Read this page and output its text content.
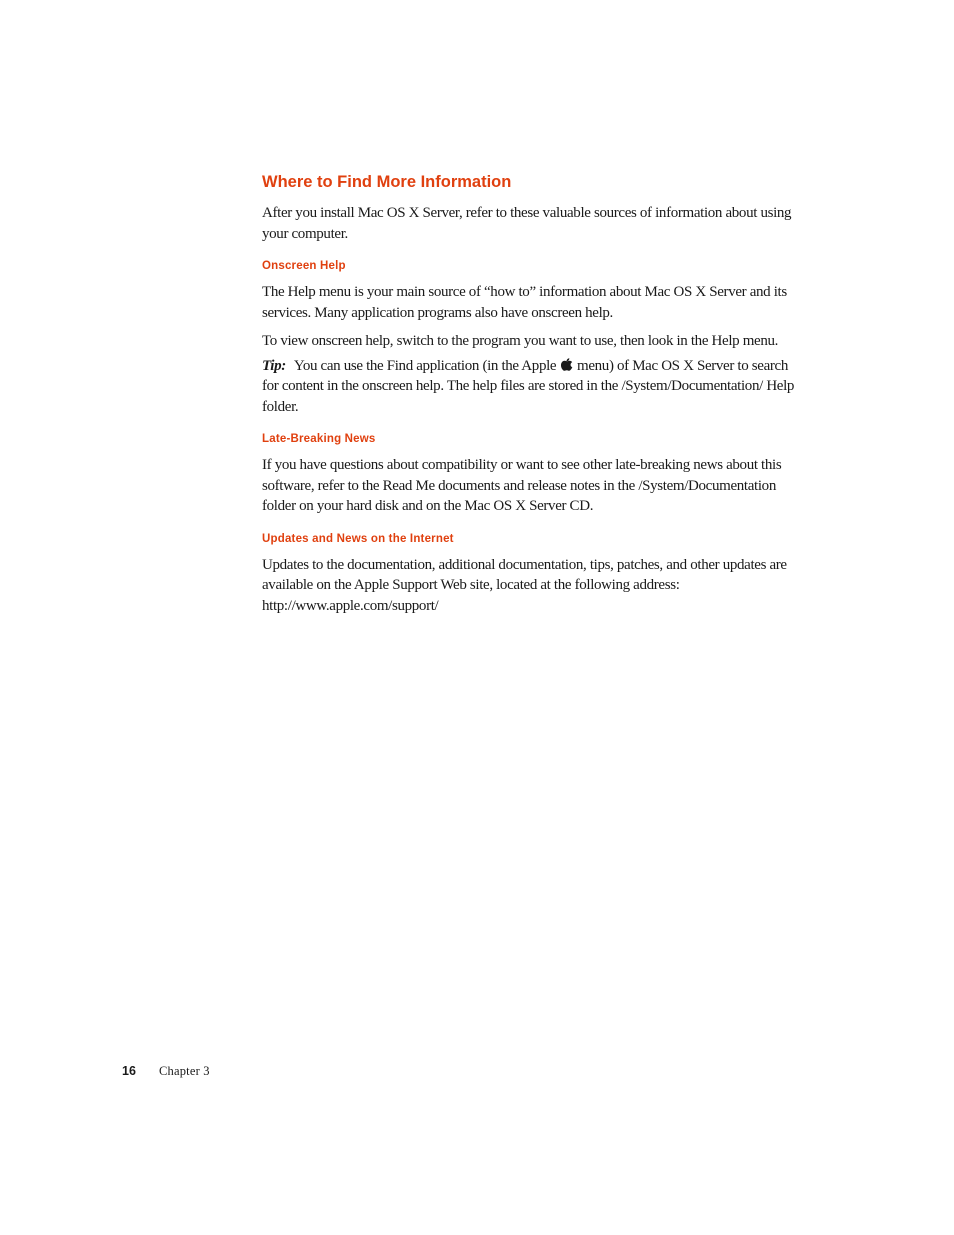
Where to Find More Information

After you install Mac OS X Server, refer to these valuable sources of information about using your computer.

Onscreen Help

The Help menu is your main source of “how to” information about Mac OS X Server and its services. Many application programs also have onscreen help.

To view onscreen help, switch to the program you want to use, then look in the Help menu.

Tip: You can use the Find application (in the Apple menu) of Mac OS X Server to search for content in the onscreen help. The help files are stored in the /System/Documentation/ Help folder.

Late-Breaking News

If you have questions about compatibility or want to see other late-breaking news about this software, refer to the Read Me documents and release notes in the /System/Documentation folder on your hard disk and on the Mac OS X Server CD.

Updates and News on the Internet

Updates to the documentation, additional documentation, tips, patches, and other updates are available on the Apple Support Web site, located at the following address:
http://www.apple.com/support/

16 Chapter 3
